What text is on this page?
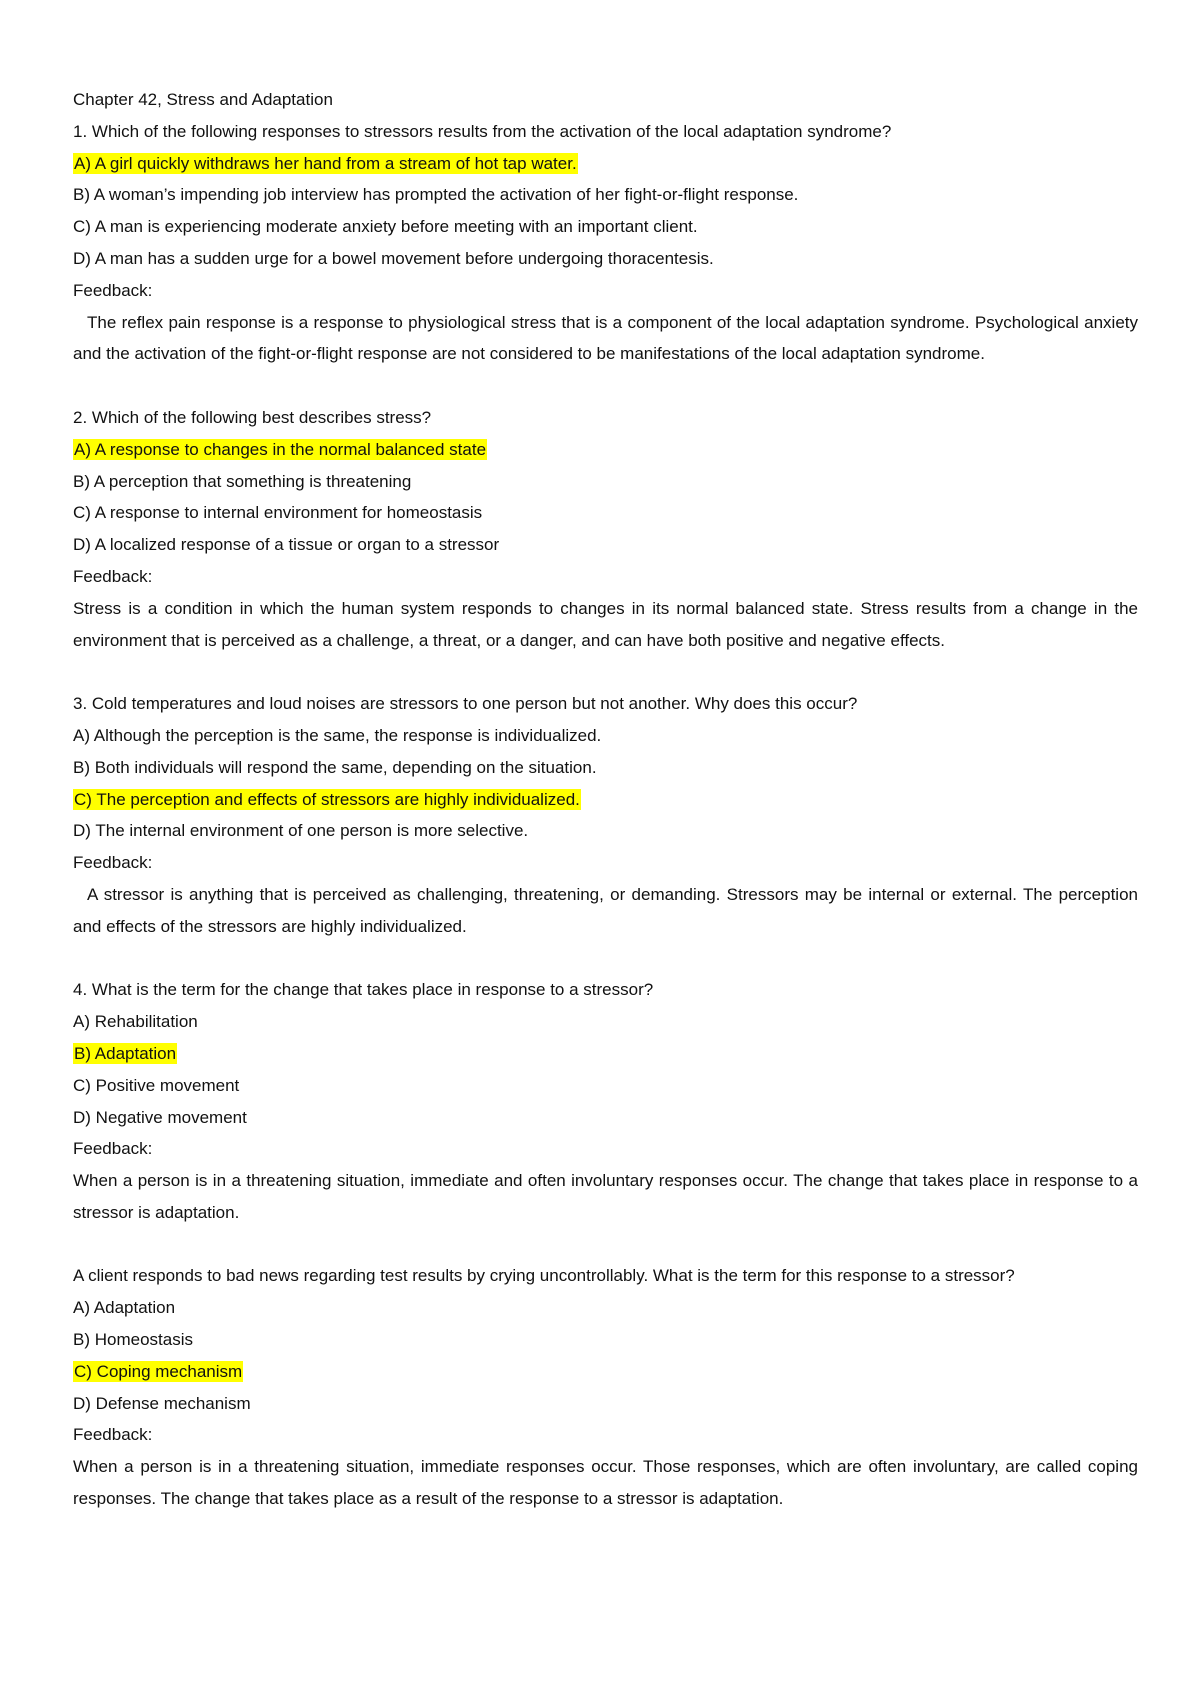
Chapter 42, Stress and Adaptation

1. Which of the following responses to stressors results from the activation of the local adaptation syndrome?

A) A girl quickly withdraws her hand from a stream of hot tap water.

B) A woman’s impending job interview has prompted the activation of her fight-or-flight response.

C) A man is experiencing moderate anxiety before meeting with an important client.

D) A man has a sudden urge for a bowel movement before undergoing thoracentesis.

Feedback:

The reflex pain response is a response to physiological stress that is a component of the local adaptation syndrome. Psychological anxiety and the activation of the fight-or-flight response are not considered to be manifestations of the local adaptation syndrome.

2. Which of the following best describes stress?

A) A response to changes in the normal balanced state

B) A perception that something is threatening

C) A response to internal environment for homeostasis

D) A localized response of a tissue or organ to a stressor

Feedback:

Stress is a condition in which the human system responds to changes in its normal balanced state. Stress results from a change in the environment that is perceived as a challenge, a threat, or a danger, and can have both positive and negative effects.

3. Cold temperatures and loud noises are stressors to one person but not another. Why does this occur?

A) Although the perception is the same, the response is individualized.

B) Both individuals will respond the same, depending on the situation.

C) The perception and effects of stressors are highly individualized.

D) The internal environment of one person is more selective.

Feedback:

A stressor is anything that is perceived as challenging, threatening, or demanding. Stressors may be internal or external. The perception and effects of the stressors are highly individualized.

4. What is the term for the change that takes place in response to a stressor?

A) Rehabilitation

B) Adaptation

C) Positive movement

D) Negative movement

Feedback:

When a person is in a threatening situation, immediate and often involuntary responses occur. The change that takes place in response to a stressor is adaptation.

A client responds to bad news regarding test results by crying uncontrollably. What is the term for this response to a stressor?

A) Adaptation

B) Homeostasis

C) Coping mechanism

D) Defense mechanism

Feedback:

When a person is in a threatening situation, immediate responses occur. Those responses, which are often involuntary, are called coping responses. The change that takes place as a result of the response to a stressor is adaptation.
